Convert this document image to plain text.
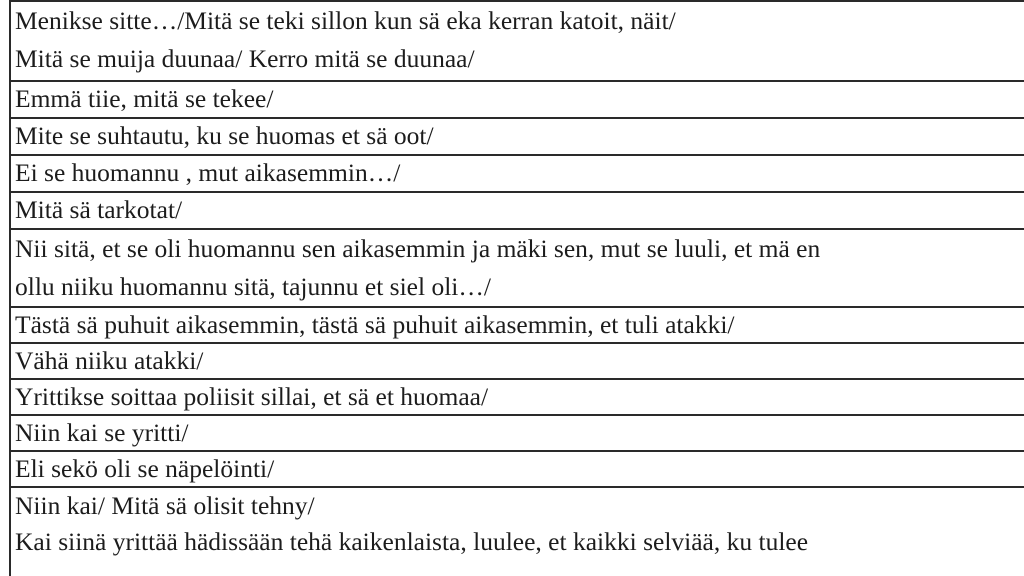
Menikse sitte…/Mitä se teki sillon kun sä eka kerran katoit, näit/
Mitä se muija duunaa/ Kerro mitä se duunaa/
Emmä tiie, mitä se tekee/
Mite se suhtautu, ku se huomas et sä oot/
Ei se huomannu , mut aikasemmin…/
Mitä sä tarkotat/
Nii sitä, et se oli huomannu sen aikasemmin ja mäki sen, mut se luuli, et mä en
ollu niiku huomannu sitä, tajunnu et siel oli…/
Tästä sä puhuit aikasemmin, tästä sä puhuit aikasemmin, et tuli atakki/
Vähä niiku atakki/
Yrittikse soittaa poliisit sillai, et sä et huomaa/
Niin kai se yritti/
Eli sekö oli se näpelöinti/
Niin kai/ Mitä sä olisit tehny/
Kai siinä yrittää hädissään tehä kaikenlaista, luulee, et kaikki selviää, ku tulee
